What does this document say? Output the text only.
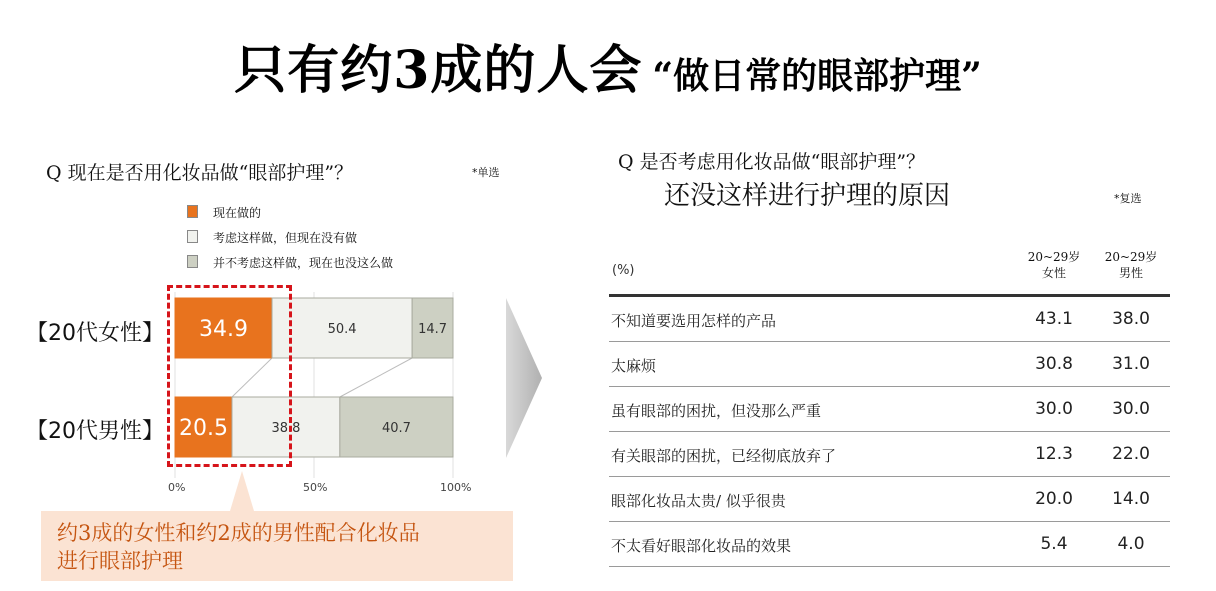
只有约3成的人会 “做日常的眼部护理”
Q 现在是否用化妆品做“眼部护理”？	*单选
现在做的
考虑这样做，但现在没有做
并不考虑这样做，现在也没这么做
【20代女性】
【20代男性】
34.9	50.4	14.7
20.5	38.8	40.7
0%	50%	100%
约3成的女性和约2成的男性配合化妆品
进行眼部护理
Q 是否考虑用化妆品做“眼部护理”？
还没这样进行护理的原因	*复选
(%)
20~29岁
女性
20~29岁
男性
不知道要选用怎样的产品	43.1	38.0
太麻烦	30.8	31.0
虽有眼部的困扰，但没那么严重	30.0	30.0
有关眼部的困扰，已经彻底放弃了	12.3	22.0
眼部化妆品太贵/ 似乎很贵	20.0	14.0
不太看好眼部化妆品的效果	5.4	4.0
